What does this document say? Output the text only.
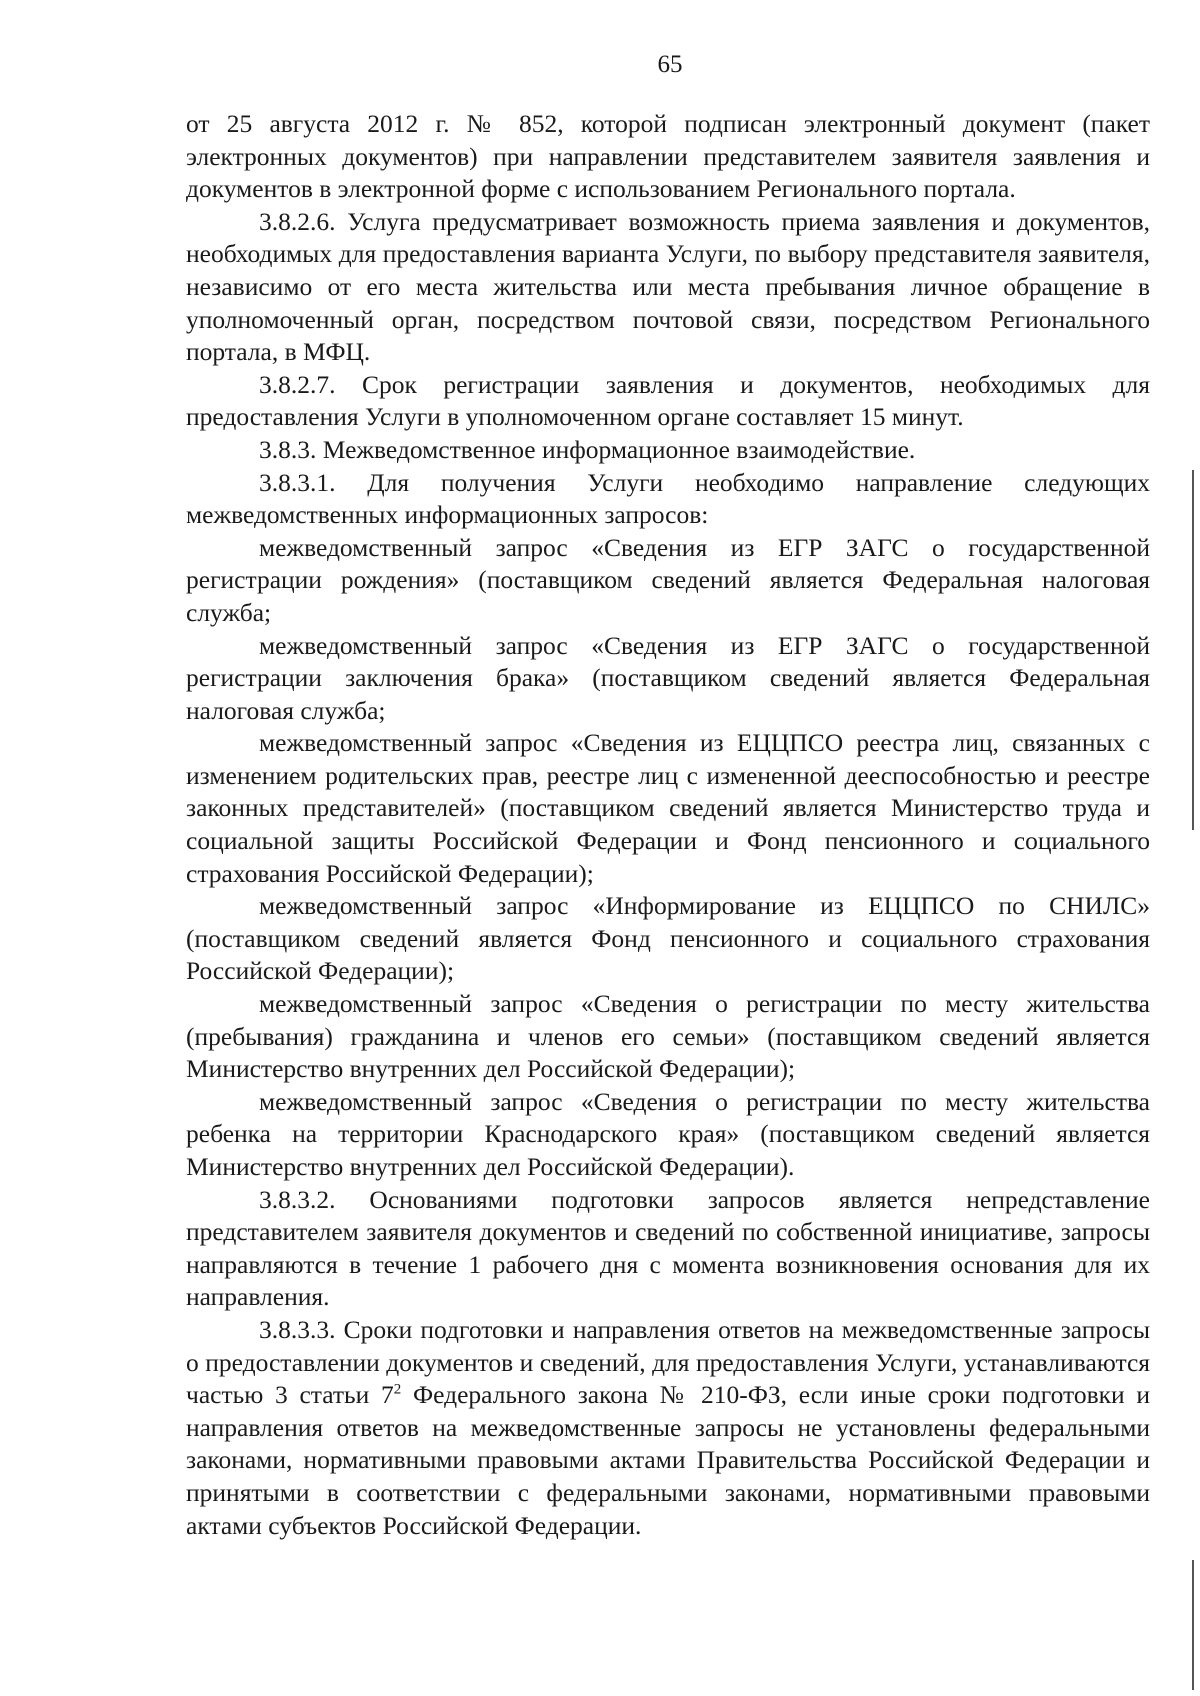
65

от 25 августа 2012 г. № 852, которой подписан электронный документ (пакет электронных документов) при направлении представителем заявителя заявления и документов в электронной форме с использованием Регионального портала.

3.8.2.6. Услуга предусматривает возможность приема заявления и документов, необходимых для предоставления варианта Услуги, по выбору представителя заявителя, независимо от его места жительства или места пребывания личное обращение в уполномоченный орган, посредством почтовой связи, посредством Регионального портала, в МФЦ.

3.8.2.7. Срок регистрации заявления и документов, необходимых для предоставления Услуги в уполномоченном органе составляет 15 минут.

3.8.3. Межведомственное информационное взаимодействие.

3.8.3.1. Для получения Услуги необходимо направление следующих межведомственных информационных запросов:

межведомственный запрос «Сведения из ЕГР ЗАГС о государственной регистрации рождения» (поставщиком сведений является Федеральная налоговая служба;

межведомственный запрос «Сведения из ЕГР ЗАГС о государственной регистрации заключения брака» (поставщиком сведений является Федеральная налоговая служба;

межведомственный запрос «Сведения из ЕЦЦПСО реестра лиц, связанных с изменением родительских прав, реестре лиц с измененной дееспособностью и реестре законных представителей» (поставщиком сведений является Министерство труда и социальной защиты Российской Федерации и Фонд пенсионного и социального страхования Российской Федерации);

межведомственный запрос «Информирование из ЕЦЦПСО по СНИЛС» (поставщиком сведений является Фонд пенсионного и социального страхования Российской Федерации);

межведомственный запрос «Сведения о регистрации по месту жительства (пребывания) гражданина и членов его семьи» (поставщиком сведений является Министерство внутренних дел Российской Федерации);

межведомственный запрос «Сведения о регистрации по месту жительства ребенка на территории Краснодарского края» (поставщиком сведений является Министерство внутренних дел Российской Федерации).

3.8.3.2. Основаниями подготовки запросов является непредставление представителем заявителя документов и сведений по собственной инициативе, запросы направляются в течение 1 рабочего дня с момента возникновения основания для их направления.

3.8.3.3. Сроки подготовки и направления ответов на межведомственные запросы о предоставлении документов и сведений, для предоставления Услуги, устанавливаются частью 3 статьи $7^2$ Федерального закона № 210-ФЗ, если иные сроки подготовки и направления ответов на межведомственные запросы не установлены федеральными законами, нормативными правовыми актами Правительства Российской Федерации и принятыми в соответствии с федеральными законами, нормативными правовыми актами субъектов Российской Федерации.
